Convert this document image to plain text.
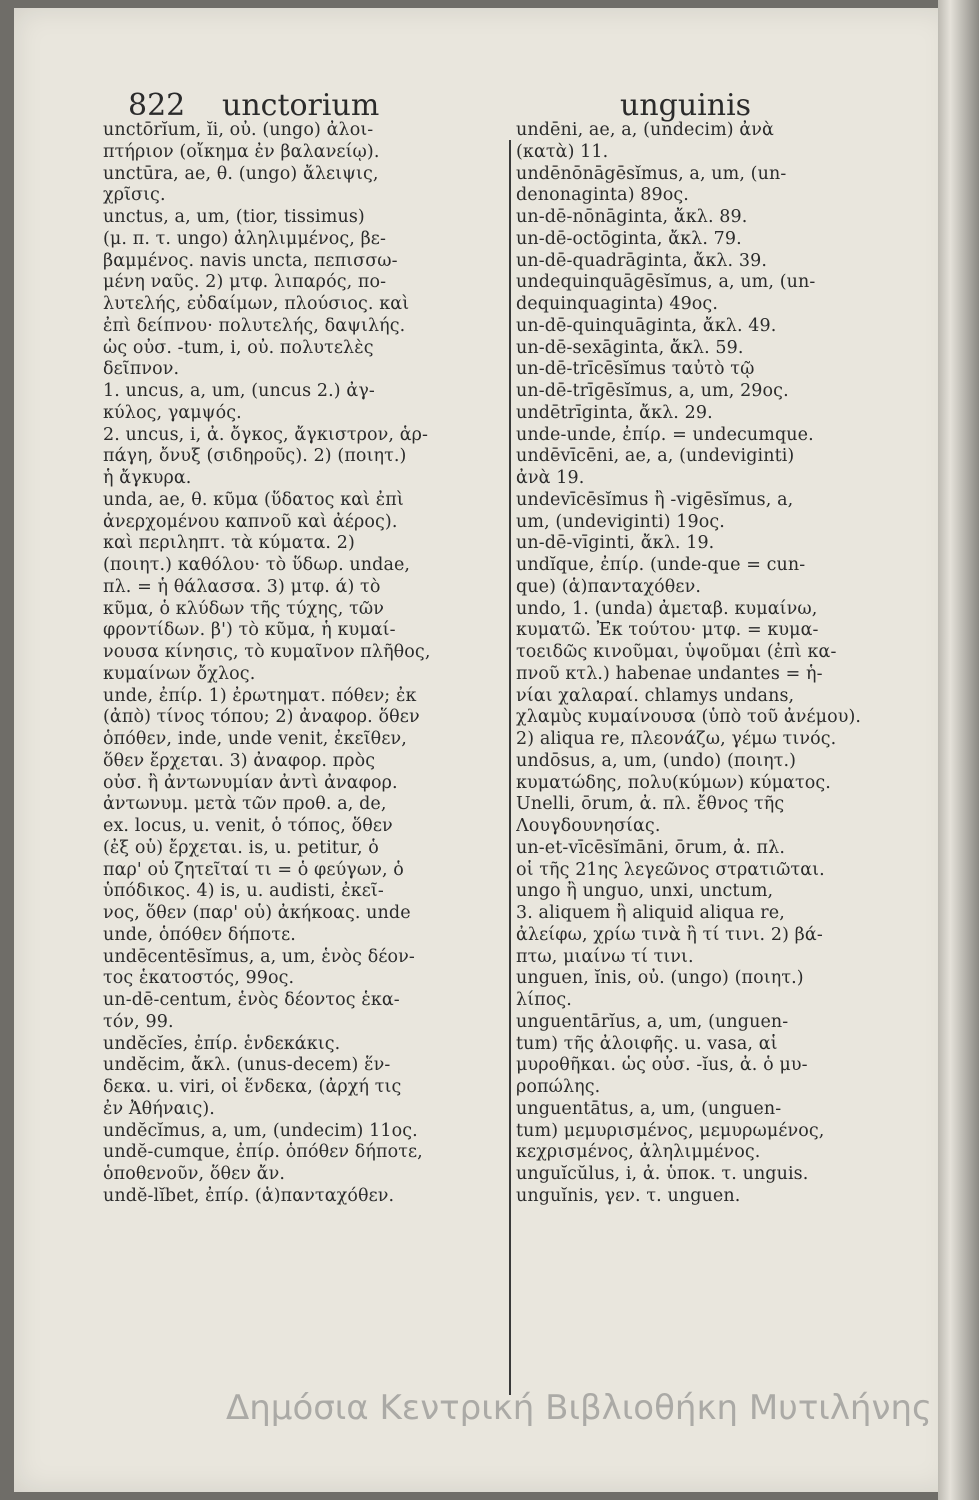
822 unctorium	unguinis
unctōrĭum, ĭi, οὐ. (ungo) ἀλοι-
πτήριον (οἴκημα ἐν βαλανείῳ).
unctūra, ae, θ. (ungo) ἄλειψις,
χρῖσις.
unctus, a, um, (tior, tissimus)
(μ. π. τ. ungo) ἀληλιμμένος, βε-
βαμμένος. navis uncta, πεπισσω-
μένη ναῦς. 2) μτφ. λιπαρός, πο-
λυτελής, εὐδαίμων, πλούσιος. καὶ
ἐπὶ δείπνου· πολυτελής, δαψιλής.
ὡς οὐσ. -tum, i, οὐ. πολυτελὲς
δεῖπνον.
1. uncus, a, um, (uncus 2.) ἀγ-
κύλος, γαμψός.
2. uncus, i, ἀ. ὄγκος, ἄγκιστρον, ἁρ-
πάγη, ὄνυξ (σιδηροῦς). 2) (ποιητ.)
ἡ ἄγκυρα.
unda, ae, θ. κῦμα (ὕδατος καὶ ἐπὶ
ἀνερχομένου καπνοῦ καὶ ἀέρος).
καὶ περιληπτ. τὰ κύματα. 2)
(ποιητ.) καθόλου· τὸ ὕδωρ. undae,
πλ. = ἡ θάλασσα. 3) μτφ. ά) τὸ
κῦμα, ὁ κλύδων τῆς τύχης, τῶν
φροντίδων. β') τὸ κῦμα, ἡ κυμαί-
νουσα κίνησις, τὸ κυμαῖνον πλῆθος,
κυμαίνων ὄχλος.
unde, ἐπίρ. 1) ἐρωτηματ. πόθεν; ἐκ
(ἀπὸ) τίνος τόπου; 2) ἀναφορ. ὅθεν
ὁπόθεν, inde, unde venit, ἐκεῖθεν,
ὅθεν ἔρχεται. 3) ἀναφορ. πρὸς
οὐσ. ἢ ἀντωνυμίαν ἀντὶ ἀναφορ.
ἀντωνυμ. μετὰ τῶν προθ. a, de,
ex. locus, u. venit, ὁ τόπος, ὅθεν
(ἐξ οὗ) ἔρχεται. is, u. petitur, ὁ
παρ' οὗ ζητεῖταί τι = ὁ φεύγων, ὁ
ὑπόδικος. 4) is, u. audisti, ἐκεῖ-
νος, ὅθεν (παρ' οὗ) ἀκήκοας. unde
unde, ὁπόθεν δήποτε.
undēcentēsĭmus, a, um, ἑνὸς δέον-
τος ἑκατοστός, 99ος.
un-dē-centum, ἑνὸς δέοντος ἑκα-
τόν, 99.
undĕcĭes, ἐπίρ. ἑνδεκάκις.
undĕcim, ἄκλ. (unus-decem) ἕν-
δεκα. u. viri, οἱ ἕνδεκα, (ἀρχή τις
ἐν Ἀθήναις).
undĕcĭmus, a, um, (undecim) 11ος.
undĕ-cumque, ἐπίρ. ὁπόθεν δήποτε,
ὁποθενοῦν, ὅθεν ἄν.
undĕ-lĭbet, ἐπίρ. (ἁ)πανταχόθεν.
undēni, ae, a, (undecim) ἀνὰ
(κατὰ) 11.
undēnōnāgēsĭmus, a, um, (un-
denonaginta) 89ος.
un-dē-nōnāginta, ἄκλ. 89.
un-dē-octōginta, ἄκλ. 79.
un-dē-quadrāginta, ἄκλ. 39.
undequinquāgēsĭmus, a, um, (un-
dequinquaginta) 49ος.
un-dē-quinquāginta, ἄκλ. 49.
un-dē-sexāginta, ἄκλ. 59.
un-dē-trīcēsĭmus ταὐτὸ τῷ
un-dē-trīgēsĭmus, a, um, 29ος.
undētrīginta, ἄκλ. 29.
unde-unde, ἐπίρ. = undecumque.
undēvīcēni, ae, a, (undeviginti)
ἀνὰ 19.
undevīcēsĭmus ἢ -vigēsĭmus, a,
um, (undeviginti) 19ος.
un-dē-vīginti, ἄκλ. 19.
undĭque, ἐπίρ. (unde-que = cun-
que) (ἁ)πανταχόθεν.
undo, 1. (unda) ἀμεταβ. κυμαίνω,
κυματῶ. Ἐκ τούτου· μτφ. = κυμα-
τοειδῶς κινοῦμαι, ὑψοῦμαι (ἐπὶ κα-
πνοῦ κτλ.) habenae undantes = ἡ-
νίαι χαλαραί. chlamys undans,
χλαμὺς κυμαίνουσα (ὑπὸ τοῦ ἀνέμου).
2) aliqua re, πλεονάζω, γέμω τινός.
undōsus, a, um, (undo) (ποιητ.)
κυματώδης, πολυ(κύμων) κύματος.
Unelli, ōrum, ἀ. πλ. ἔθνος τῆς
Λουγδουνησίας.
un-et-vīcēsĭmāni, ōrum, ἀ. πλ.
οἱ τῆς 21ης λεγεῶνος στρατιῶται.
ungo ἢ unguo, unxi, unctum,
3. aliquem ἢ aliquid aliqua re,
ἀλείφω, χρίω τινὰ ἢ τί τινι. 2) βά-
πτω, μιαίνω τί τινι.
unguen, ĭnis, οὐ. (ungo) (ποιητ.)
λίπος.
unguentārĭus, a, um, (unguen-
tum) τῆς ἀλοιφῆς. u. vasa, αἱ
μυροθῆκαι. ὡς οὐσ. -ĭus, ἀ. ὁ μυ-
ροπώλης.
unguentātus, a, um, (unguen-
tum) μεμυρισμένος, μεμυρωμένος,
κεχρισμένος, ἀληλιμμένος.
unguĭcŭlus, i, ἀ. ὑποκ. τ. unguis.
unguĭnis, γεν. τ. unguen.
Δημόσια Κεντρική Βιβλιοθήκη Μυτιλήνης
